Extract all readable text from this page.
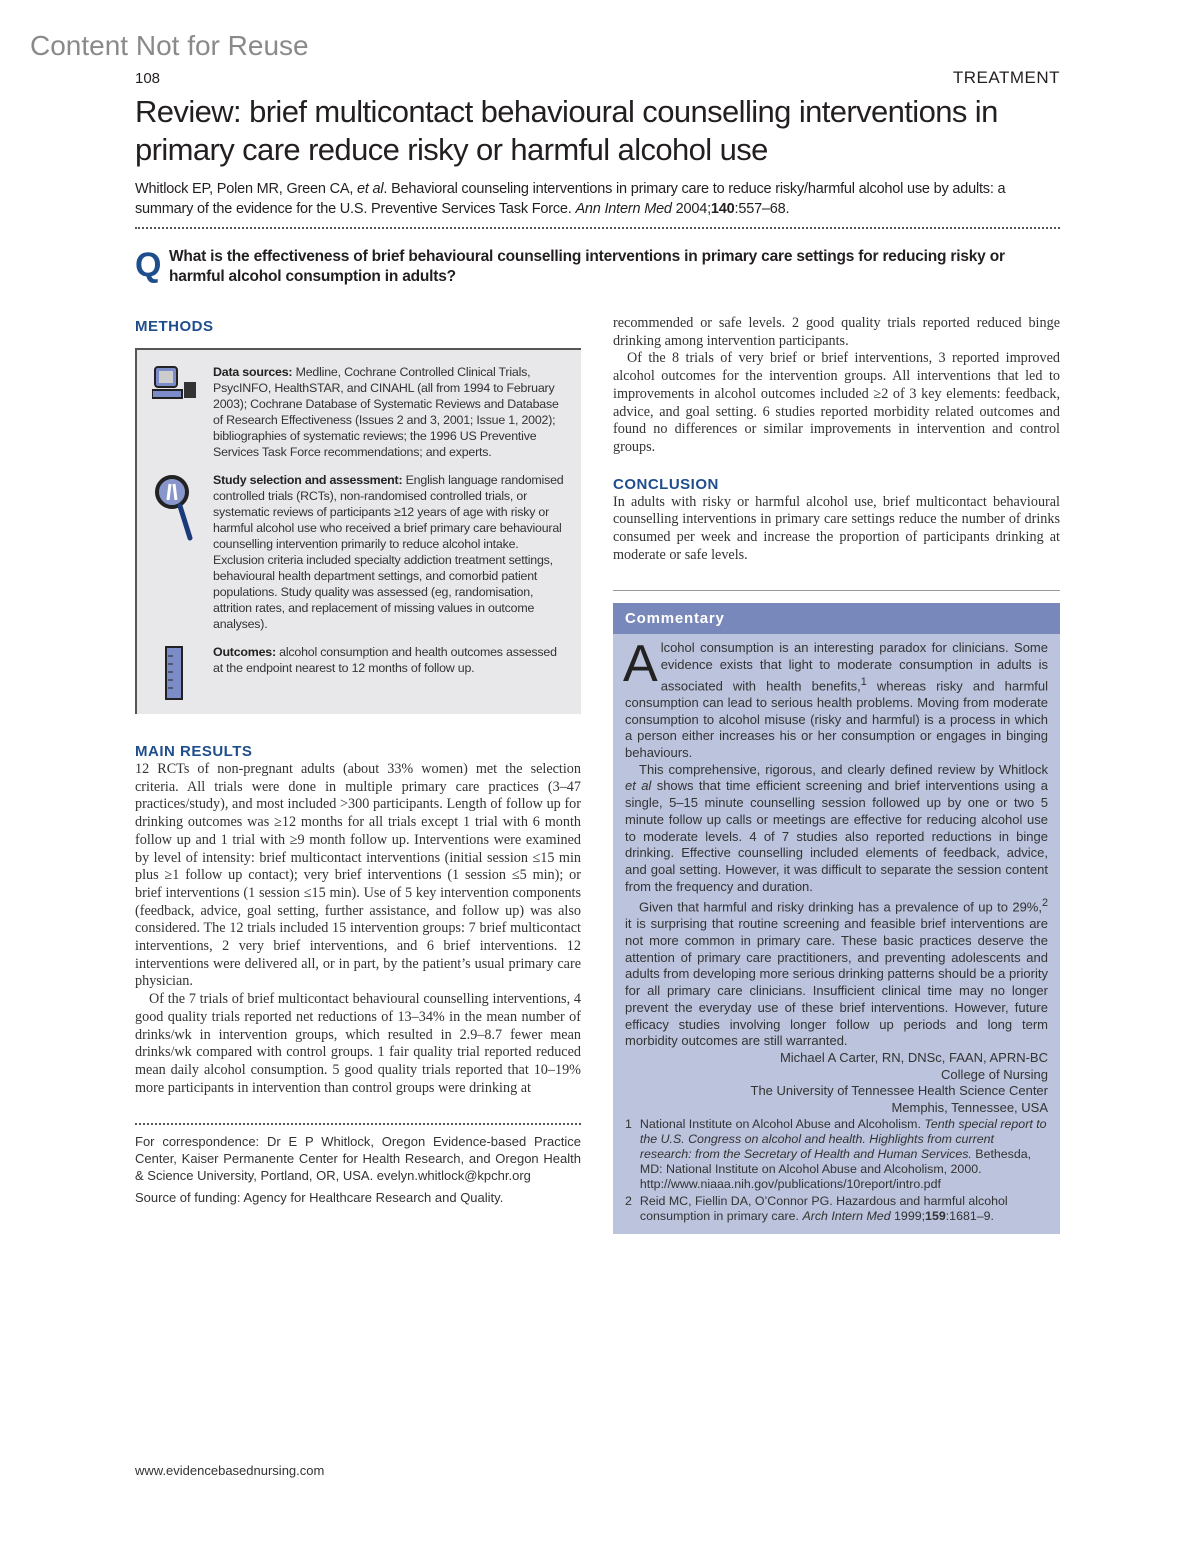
Content Not for Reuse
108	TREATMENT
Review: brief multicontact behavioural counselling interventions in primary care reduce risky or harmful alcohol use
Whitlock EP, Polen MR, Green CA, et al. Behavioral counseling interventions in primary care to reduce risky/harmful alcohol use by adults: a summary of the evidence for the U.S. Preventive Services Task Force. Ann Intern Med 2004;140:557–68.
Q What is the effectiveness of brief behavioural counselling interventions in primary care settings for reducing risky or harmful alcohol consumption in adults?
METHODS
Data sources: Medline, Cochrane Controlled Clinical Trials, PsycINFO, HealthSTAR, and CINAHL (all from 1994 to February 2003); Cochrane Database of Systematic Reviews and Database of Research Effectiveness (Issues 2 and 3, 2001; Issue 1, 2002); bibliographies of systematic reviews; the 1996 US Preventive Services Task Force recommendations; and experts.
Study selection and assessment: English language randomised controlled trials (RCTs), non-randomised controlled trials, or systematic reviews of participants ≥12 years of age with risky or harmful alcohol use who received a brief primary care behavioural counselling intervention primarily to reduce alcohol intake. Exclusion criteria included specialty addiction treatment settings, behavioural health department settings, and comorbid patient populations. Study quality was assessed (eg, randomisation, attrition rates, and replacement of missing values in outcome analyses).
Outcomes: alcohol consumption and health outcomes assessed at the endpoint nearest to 12 months of follow up.
MAIN RESULTS

12 RCTs of non-pregnant adults (about 33% women) met the selection criteria. All trials were done in multiple primary care practices (3–47 practices/study), and most included >300 participants. Length of follow up for drinking outcomes was ≥12 months for all trials except 1 trial with 6 month follow up and 1 trial with ≥9 month follow up. Interventions were examined by level of intensity: brief multicontact interventions (initial session ≤15 min plus ≥1 follow up contact); very brief interventions (1 session ≤5 min); or brief interventions (1 session ≤15 min). Use of 5 key intervention components (feedback, advice, goal setting, further assistance, and follow up) was also considered. The 12 trials included 15 intervention groups: 7 brief multicontact interventions, 2 very brief interventions, and 6 brief interventions. 12 interventions were delivered all, or in part, by the patient’s usual primary care physician.

Of the 7 trials of brief multicontact behavioural counselling interventions, 4 good quality trials reported net reductions of 13–34% in the mean number of drinks/wk in intervention groups, which resulted in 2.9–8.7 fewer mean drinks/wk compared with control groups. 1 fair quality trial reported reduced mean daily alcohol consumption. 5 good quality trials reported that 10–19% more participants in intervention than control groups were drinking at

For correspondence: Dr E P Whitlock, Oregon Evidence-based Practice Center, Kaiser Permanente Center for Health Research, and Oregon Health & Science University, Portland, OR, USA. evelyn.whitlock@kpchr.org
Source of funding: Agency for Healthcare Research and Quality.

recommended or safe levels. 2 good quality trials reported reduced binge drinking among intervention participants.

Of the 8 trials of very brief or brief interventions, 3 reported improved alcohol outcomes for the intervention groups. All interventions that led to improvements in alcohol outcomes included ≥2 of 3 key elements: feedback, advice, and goal setting. 6 studies reported morbidity related outcomes and found no differences or similar improvements in intervention and control groups.

CONCLUSION
In adults with risky or harmful alcohol use, brief multicontact behavioural counselling interventions in primary care settings reduce the number of drinks consumed per week and increase the proportion of participants drinking at moderate or safe levels.
Commentary

Alcohol consumption is an interesting paradox for clinicians. Some evidence exists that light to moderate consumption in adults is associated with health benefits,$^1$ whereas risky and harmful consumption can lead to serious health problems. Moving from moderate consumption to alcohol misuse (risky and harmful) is a process in which a person either increases his or her consumption or engages in binging behaviours.

This comprehensive, rigorous, and clearly defined review by Whitlock et al shows that time efficient screening and brief interventions using a single, 5–15 minute counselling session followed up by one or two 5 minute follow up calls or meetings are effective for reducing alcohol use to moderate levels. 4 of 7 studies also reported reductions in binge drinking. Effective counselling included elements of feedback, advice, and goal setting. However, it was difficult to separate the session content from the frequency and duration.

Given that harmful and risky drinking has a prevalence of up to 29%,$^2$ it is surprising that routine screening and feasible brief interventions are not more common in primary care. These basic practices deserve the attention of primary care practitioners, and preventing adolescents and adults from developing more serious drinking patterns should be a priority for all primary care clinicians. Insufficient clinical time may no longer prevent the everyday use of these brief interventions. However, future efficacy studies involving longer follow up periods and long term morbidity outcomes are still warranted.

Michael A Carter, RN, DNSc, FAAN, APRN-BC
College of Nursing
The University of Tennessee Health Science Center
Memphis, Tennessee, USA
1 National Institute on Alcohol Abuse and Alcoholism. Tenth special report to the U.S. Congress on alcohol and health. Highlights from current research: from the Secretary of Health and Human Services. Bethesda, MD: National Institute on Alcohol Abuse and Alcoholism, 2000. http://www.niaaa.nih.gov/publications/10report/intro.pdf
2 Reid MC, Fiellin DA, O’Connor PG. Hazardous and harmful alcohol consumption in primary care. Arch Intern Med 1999;159:1681–9.
www.evidencebasednursing.com
